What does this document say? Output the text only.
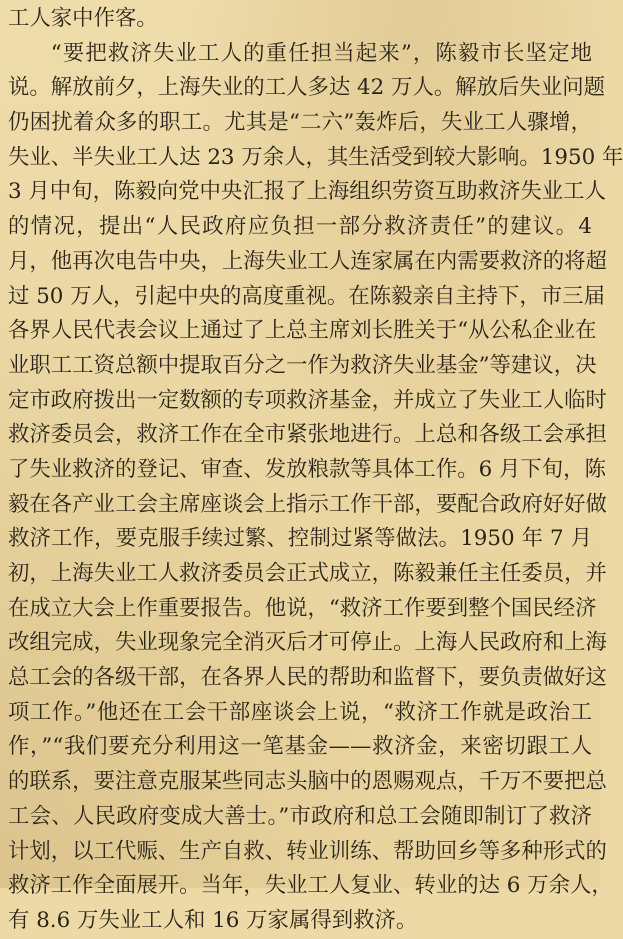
工人家中作客。
“要把救济失业工人的重任担当起来”，陈毅市长坚定地
说。解放前夕，上海失业的工人多达 42 万人。解放后失业问题
仍困扰着众多的职工。尤其是“二六”轰炸后，失业工人骤增，
失业、半失业工人达 23 万余人，其生活受到较大影响。1950 年
3 月中旬，陈毅向党中央汇报了上海组织劳资互助救济失业工人
的情况，提出“人民政府应负担一部分救济责任”的建议。4
月，他再次电告中央，上海失业工人连家属在内需要救济的将超
过 50 万人，引起中央的高度重视。在陈毅亲自主持下，市三届
各界人民代表会议上通过了上总主席刘长胜关于“从公私企业在
业职工工资总额中提取百分之一作为救济失业基金”等建议，决
定市政府拨出一定数额的专项救济基金，并成立了失业工人临时
救济委员会，救济工作在全市紧张地进行。上总和各级工会承担
了失业救济的登记、审查、发放粮款等具体工作。6 月下旬，陈
毅在各产业工会主席座谈会上指示工作干部，要配合政府好好做
救济工作，要克服手续过繁、控制过紧等做法。1950 年 7 月
初，上海失业工人救济委员会正式成立，陈毅兼任主任委员，并
在成立大会上作重要报告。他说，“救济工作要到整个国民经济
改组完成，失业现象完全消灭后才可停止。上海人民政府和上海
总工会的各级干部，在各界人民的帮助和监督下，要负责做好这
项工作。”他还在工会干部座谈会上说，“救济工作就是政治工
作，”“我们要充分利用这一笔基金——救济金，来密切跟工人
的联系，要注意克服某些同志头脑中的恩赐观点，千万不要把总
工会、人民政府变成大善士。”市政府和总工会随即制订了救济
计划，以工代赈、生产自救、转业训练、帮助回乡等多种形式的
救济工作全面展开。当年，失业工人复业、转业的达 6 万余人，
有 8.6 万失业工人和 16 万家属得到救济。
